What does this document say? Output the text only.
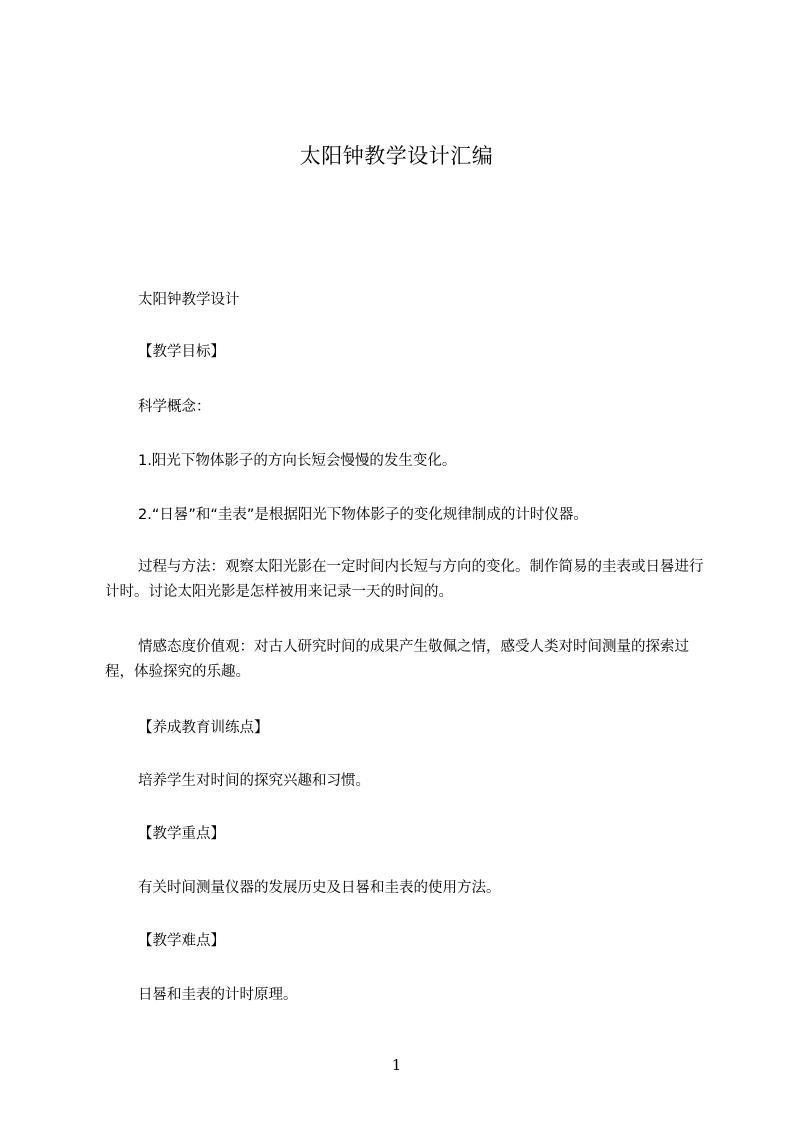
太阳钟教学设计汇编
太阳钟教学设计
【教学目标】
科学概念：
1.阳光下物体影子的方向长短会慢慢的发生变化。
2.“日晷”和“圭表”是根据阳光下物体影子的变化规律制成的计时仪器。
过程与方法：观察太阳光影在一定时间内长短与方向的变化。制作简易的圭表或日晷进行计时。讨论太阳光影是怎样被用来记录一天的时间的。
情感态度价值观：对古人研究时间的成果产生敬佩之情，感受人类对时间测量的探索过程，体验探究的乐趣。
【养成教育训练点】
培养学生对时间的探究兴趣和习惯。
【教学重点】
有关时间测量仪器的发展历史及日晷和圭表的使用方法。
【教学难点】
日晷和圭表的计时原理。
1
